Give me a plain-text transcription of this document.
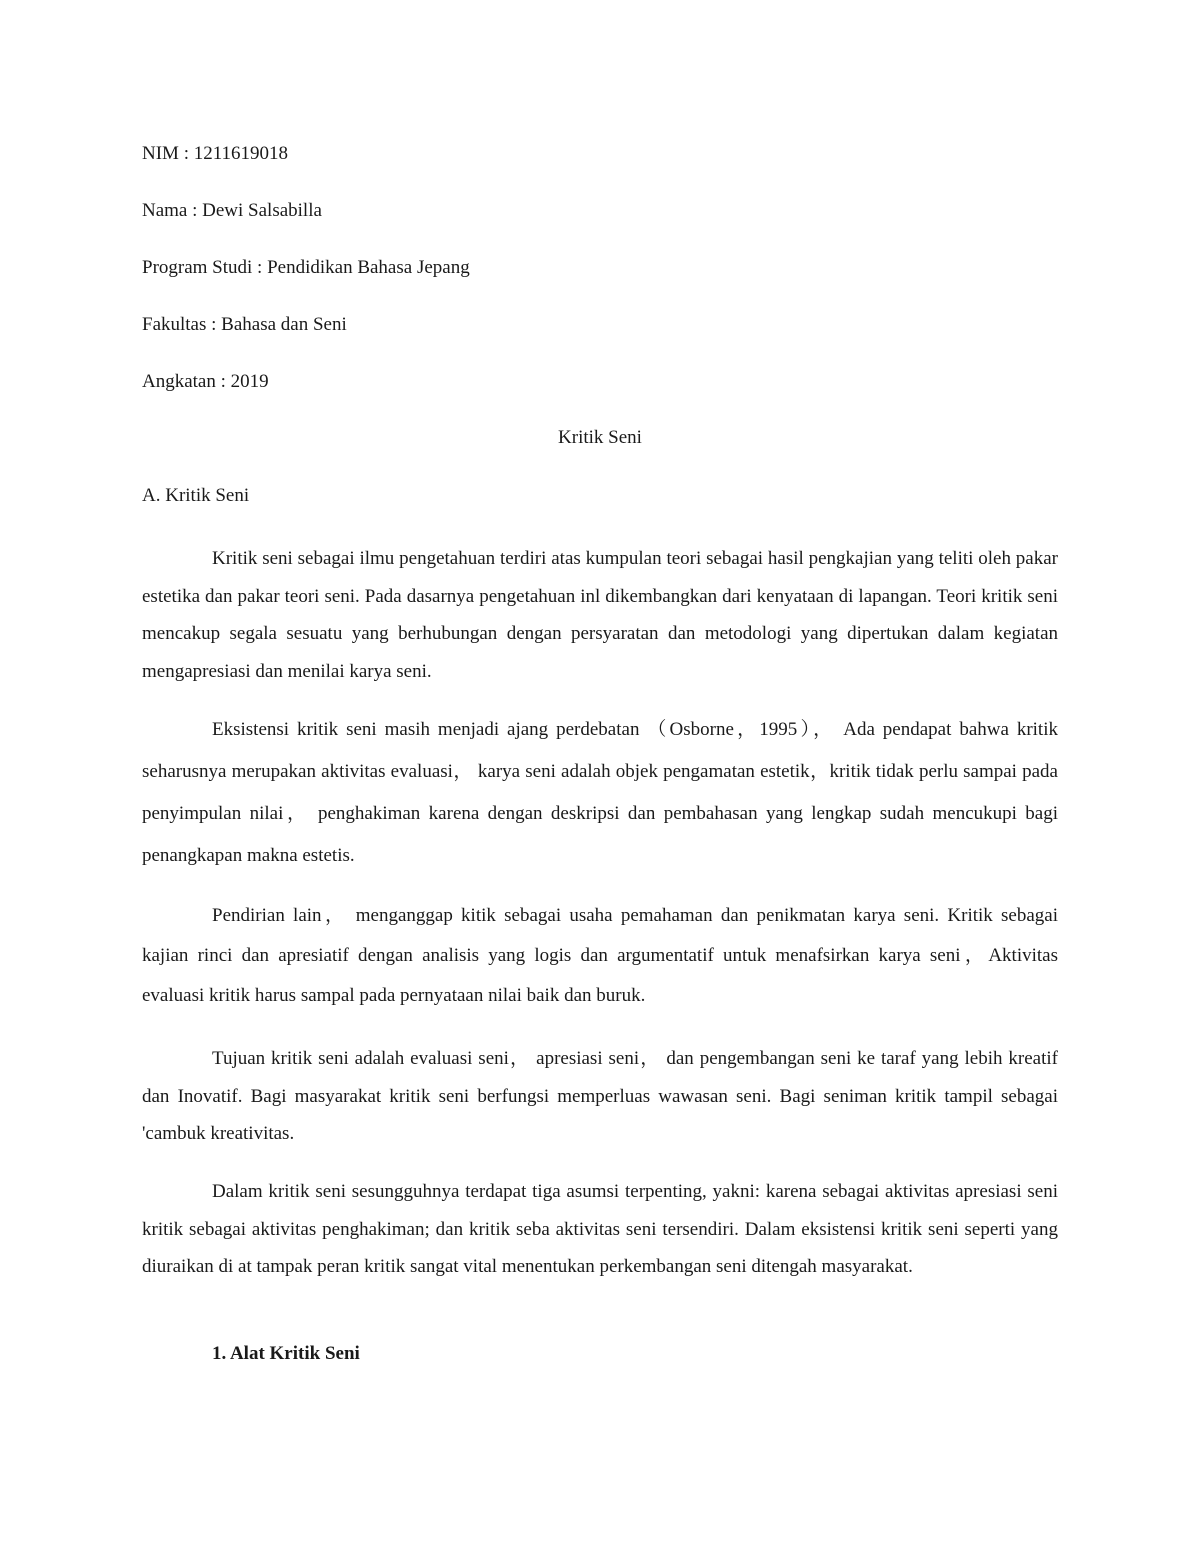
NIM : 1211619018
Nama : Dewi Salsabilla
Program Studi : Pendidikan Bahasa Jepang
Fakultas : Bahasa dan Seni
Angkatan : 2019
Kritik Seni
A. Kritik Seni

Kritik seni sebagai ilmu pengetahuan terdiri atas kumpulan teori sebagai hasil pengkajian yang teliti oleh pakar estetika dan pakar teori seni. Pada dasarnya pengetahuan inl dikembangkan dari kenyataan di lapangan. Teori kritik seni mencakup segala sesuatu yang berhubungan dengan persyaratan dan metodologi yang dipertukan dalam kegiatan mengapresiasi dan menilai karya seni.

Eksistensi kritik seni masih menjadi ajang perdebatan （Osborne，1995）， Ada pendapat bahwa kritik seharusnya merupakan aktivitas evaluasi， karya seni adalah objek pengamatan estetik，kritik tidak perlu sampai pada penyimpulan nilai， penghakiman karena dengan deskripsi dan pembahasan yang lengkap sudah mencukupi bagi penangkapan makna estetis.

Pendirian lain， menganggap kitik sebagai usaha pemahaman dan penikmatan karya seni. Kritik sebagai kajian rinci dan apresiatif dengan analisis yang logis dan argumentatif untuk menafsirkan karya seni，Aktivitas evaluasi kritik harus sampal pada pernyataan nilai baik dan buruk.

Tujuan kritik seni adalah evaluasi seni， apresiasi seni， dan pengembangan seni ke taraf yang lebih kreatif dan Inovatif. Bagi masyarakat kritik seni berfungsi memperluas wawasan seni. Bagi seniman kritik tampil sebagai 'cambuk kreativitas.

Dalam kritik seni sesungguhnya terdapat tiga asumsi terpenting, yakni: karena sebagai aktivitas apresiasi seni kritik sebagai aktivitas penghakiman; dan kritik seba aktivitas seni tersendiri. Dalam eksistensi kritik seni seperti yang diuraikan di at tampak peran kritik sangat vital menentukan perkembangan seni ditengah masyarakat.

1. Alat Kritik Seni
